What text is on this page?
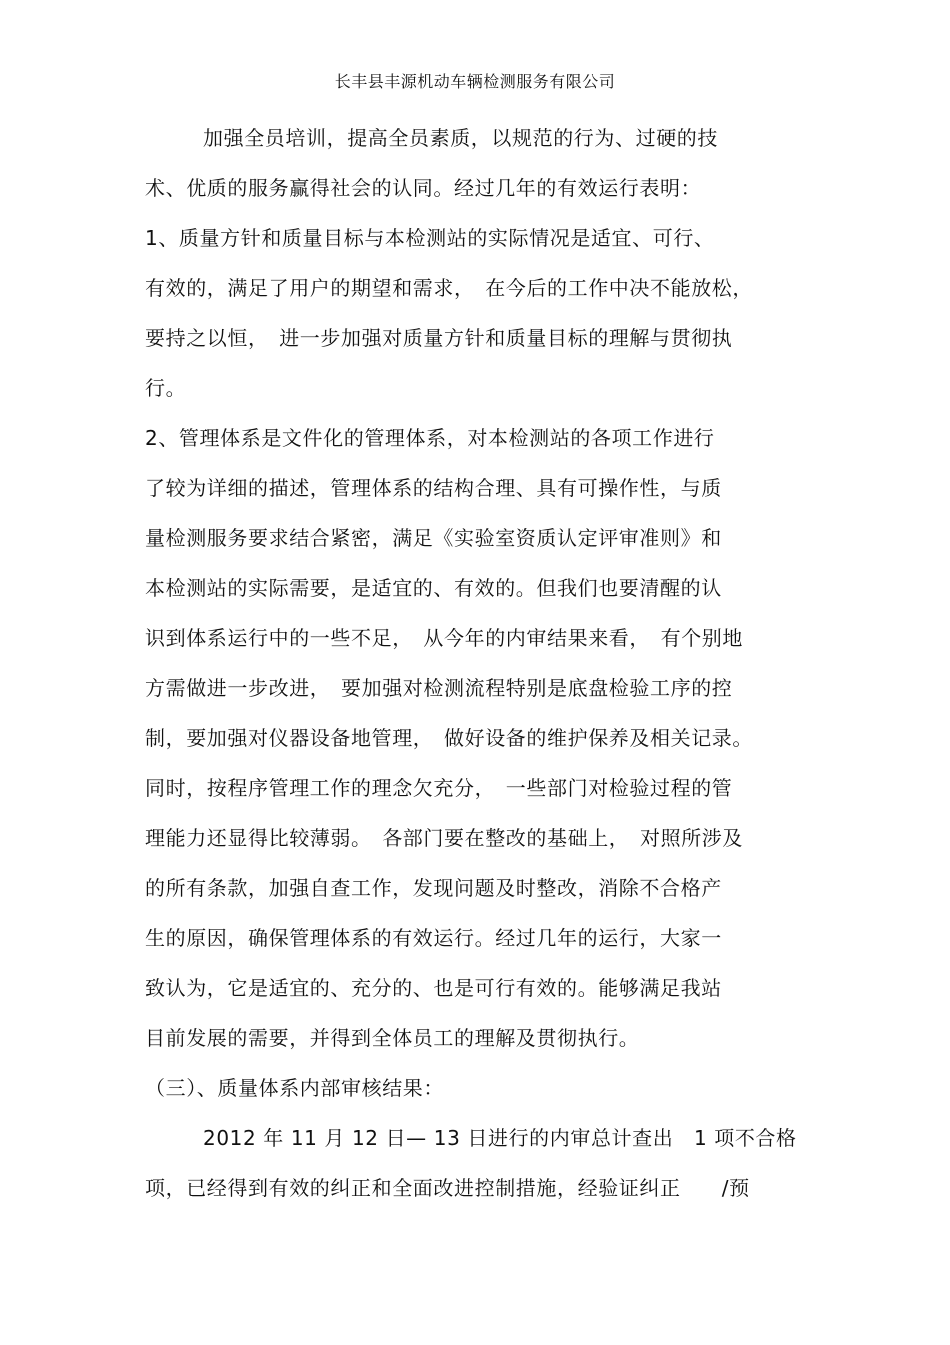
长丰县丰源机动车辆检测服务有限公司
加强全员培训，提高全员素质，以规范的行为、过硬的技
术、优质的服务赢得社会的认同。经过几年的有效运行表明：
1、质量方针和质量目标与本检测站的实际情况是适宜、可行、
有效的，满足了用户的期望和需求，　在今后的工作中决不能放松，
要持之以恒，　进一步加强对质量方针和质量目标的理解与贯彻执
行。
2、管理体系是文件化的管理体系，对本检测站的各项工作进行
了较为详细的描述，管理体系的结构合理、具有可操作性，与质
量检测服务要求结合紧密，满足《实验室资质认定评审准则》和
本检测站的实际需要，是适宜的、有效的。但我们也要清醒的认
识到体系运行中的一些不足，　从今年的内审结果来看，　有个别地
方需做进一步改进，　要加强对检测流程特别是底盘检验工序的控
制，要加强对仪器设备地管理，　做好设备的维护保养及相关记录。
同时，按程序管理工作的理念欠充分，　一些部门对检验过程的管
理能力还显得比较薄弱。　各部门要在整改的基础上，　对照所涉及
的所有条款，加强自查工作，发现问题及时整改，消除不合格产
生的原因，确保管理体系的有效运行。经过几年的运行，大家一
致认为，它是适宜的、充分的、也是可行有效的。能够满足我站
目前发展的需要，并得到全体员工的理解及贯彻执行。
（三）、质量体系内部审核结果：
2012 年 11 月 12 日— 13 日进行的内审总计查出　1 项不合格
项，已经得到有效的纠正和全面改进控制措施，经验证纠正　　/预
